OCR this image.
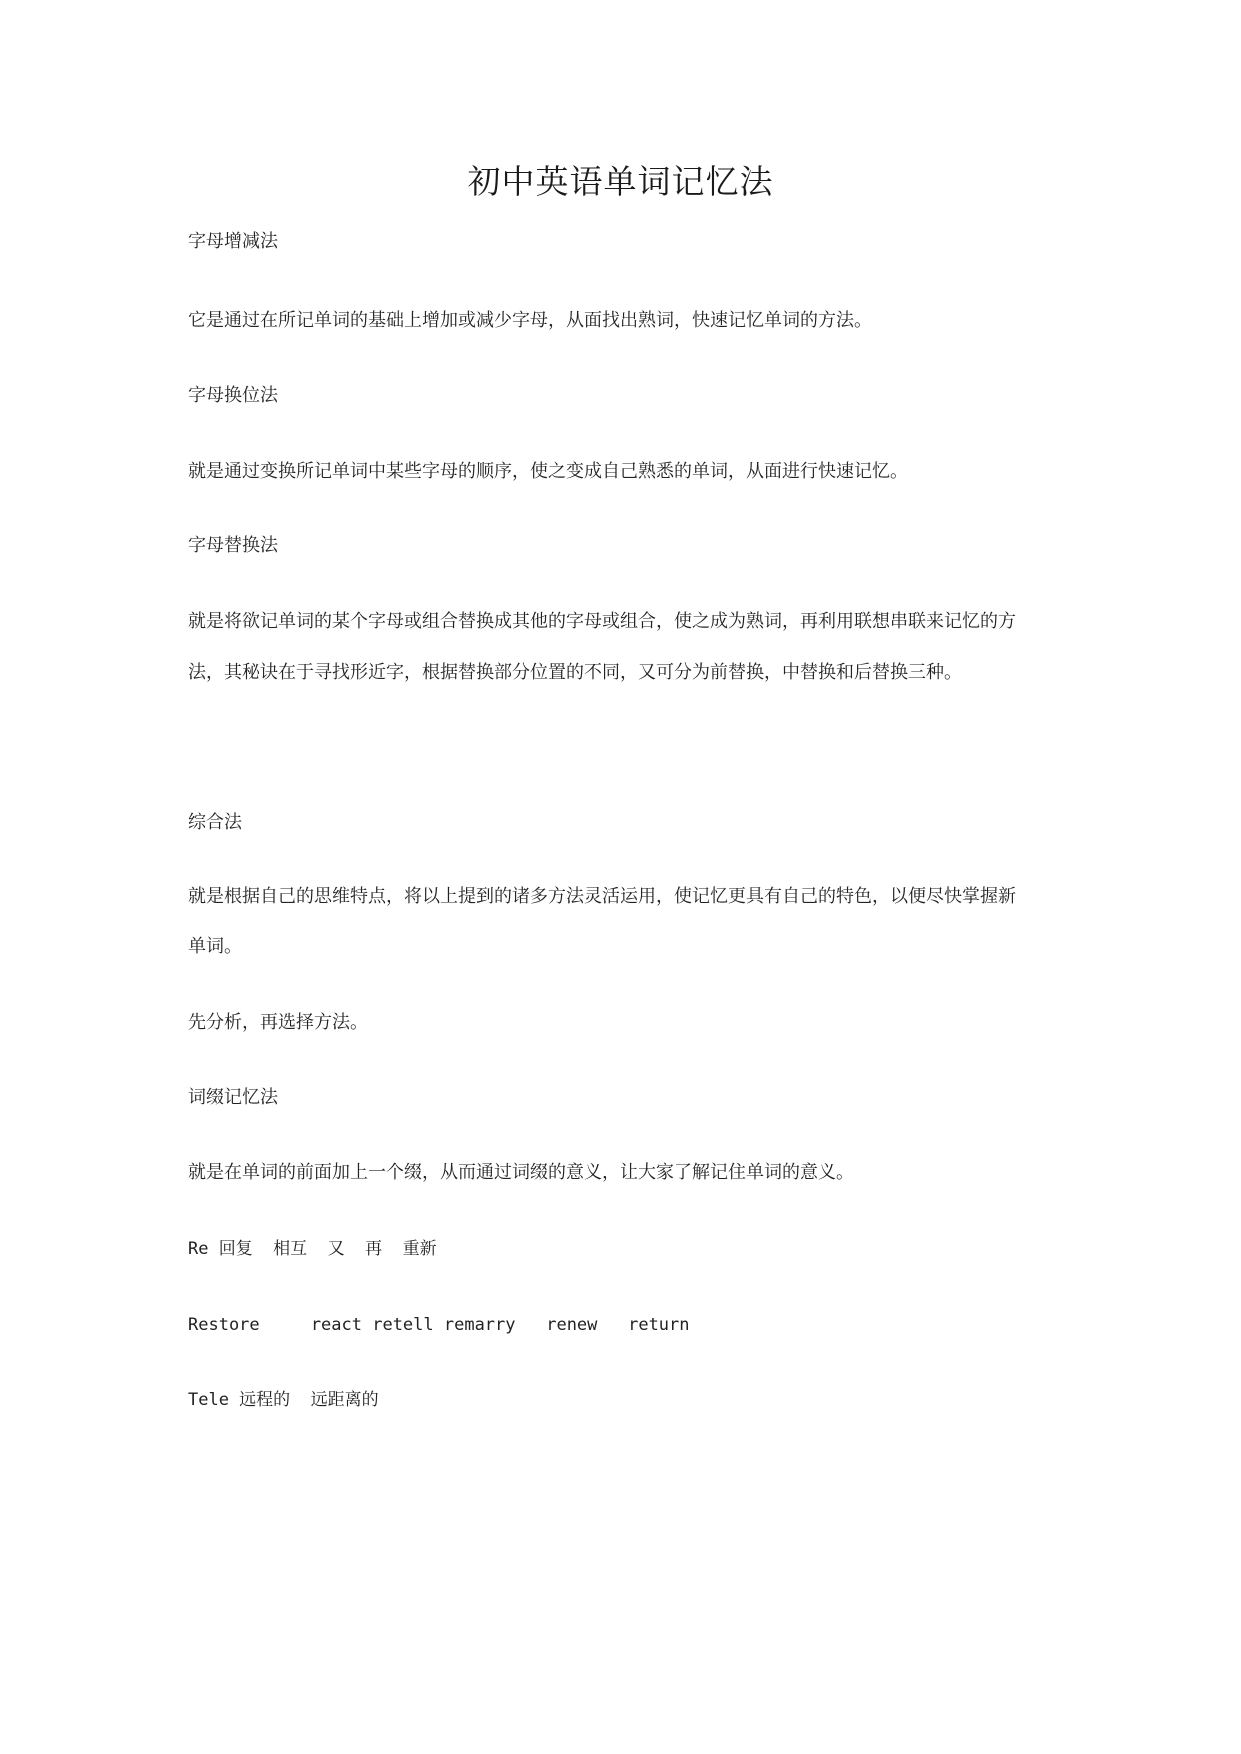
初中英语单词记忆法
字母增减法
它是通过在所记单词的基础上增加或减少字母，从面找出熟词，快速记忆单词的方法。
字母换位法
就是通过变换所记单词中某些字母的顺序，使之变成自己熟悉的单词，从面进行快速记忆。
字母替换法
就是将欲记单词的某个字母或组合替换成其他的字母或组合，使之成为熟词，再利用联想串联来记忆的方
法，其秘诀在于寻找形近字，根据替换部分位置的不同，又可分为前替换，中替换和后替换三种。
综合法
就是根据自己的思维特点，将以上提到的诸多方法灵活运用，使记忆更具有自己的特色，以便尽快掌握新
单词。
先分析，再选择方法。
词缀记忆法
就是在单词的前面加上一个缀，从而通过词缀的意义，让大家了解记住单词的意义。
Re 回复  相互  又  再  重新
Restore     react retell remarry   renew   return
Tele 远程的  远距离的
